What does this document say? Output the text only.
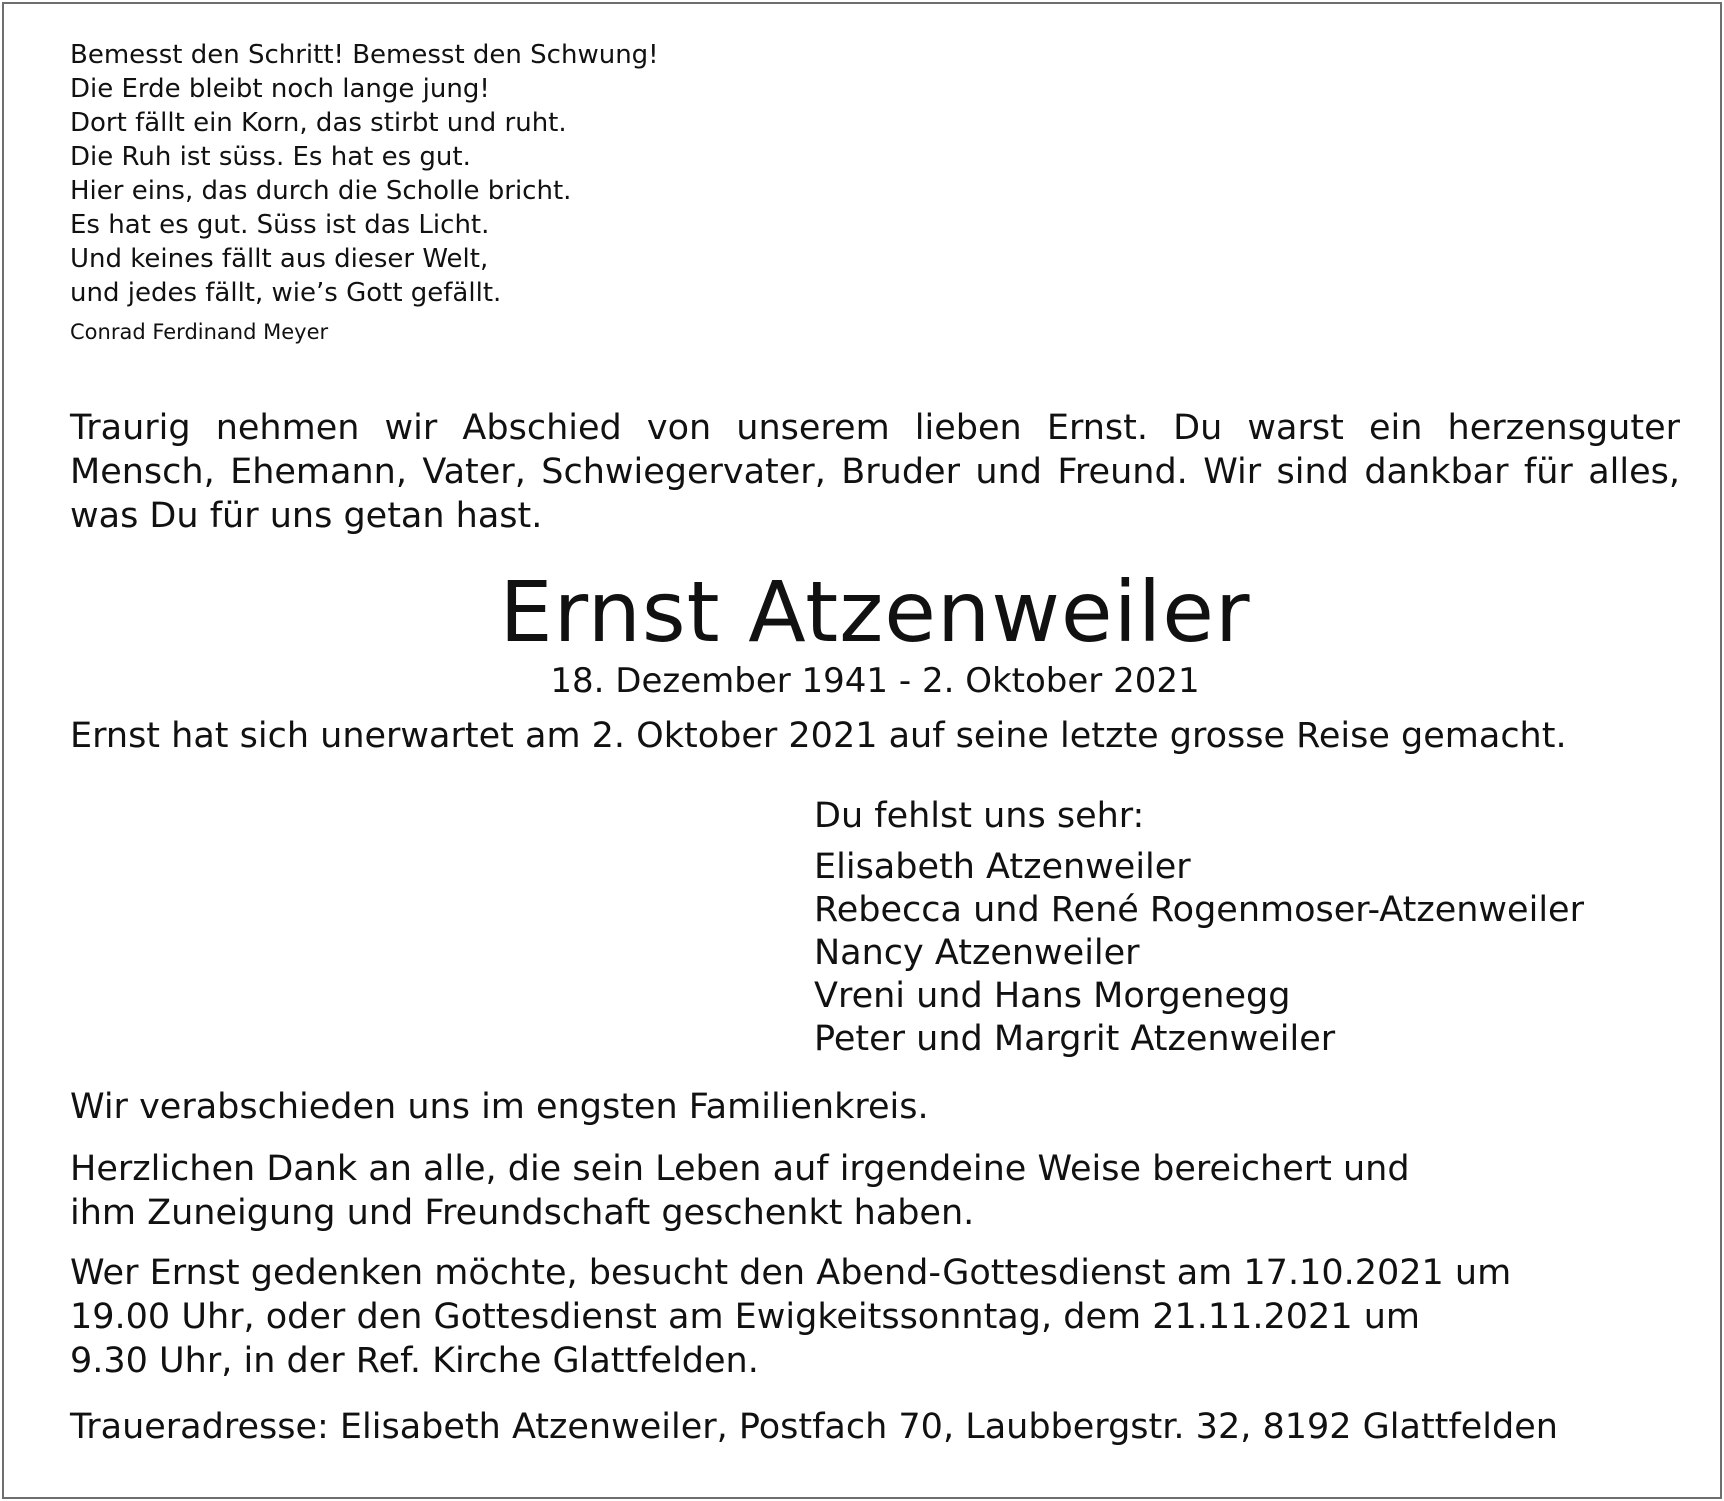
Bemesst den Schritt! Bemesst den Schwung!
Die Erde bleibt noch lange jung!
Dort fällt ein Korn, das stirbt und ruht.
Die Ruh ist süss. Es hat es gut.
Hier eins, das durch die Scholle bricht.
Es hat es gut. Süss ist das Licht.
Und keines fällt aus dieser Welt,
und jedes fällt, wie’s Gott gefällt.
Conrad Ferdinand Meyer
Traurig nehmen wir Abschied von unserem lieben Ernst. Du warst ein herzensguter Mensch, Ehemann, Vater, Schwiegervater, Bruder und Freund. Wir sind dankbar für alles, was Du für uns getan hast.
Ernst Atzenweiler
18. Dezember 1941 - 2. Oktober 2021
Ernst hat sich unerwartet am 2. Oktober 2021 auf seine letzte grosse Reise gemacht.
Du fehlst uns sehr:
Elisabeth Atzenweiler
Rebecca und René Rogenmoser-Atzenweiler
Nancy Atzenweiler
Vreni und Hans Morgenegg
Peter und Margrit Atzenweiler
Wir verabschieden uns im engsten Familienkreis.
Herzlichen Dank an alle, die sein Leben auf irgendeine Weise bereichert und
ihm Zuneigung und Freundschaft geschenkt haben.
Wer Ernst gedenken möchte, besucht den Abend-Gottesdienst am 17.10.2021 um
19.00 Uhr, oder den Gottesdienst am Ewigkeitssonntag, dem 21.11.2021 um
9.30 Uhr, in der Ref. Kirche Glattfelden.
Traueradresse: Elisabeth Atzenweiler, Postfach 70, Laubbergstr. 32, 8192 Glattfelden
